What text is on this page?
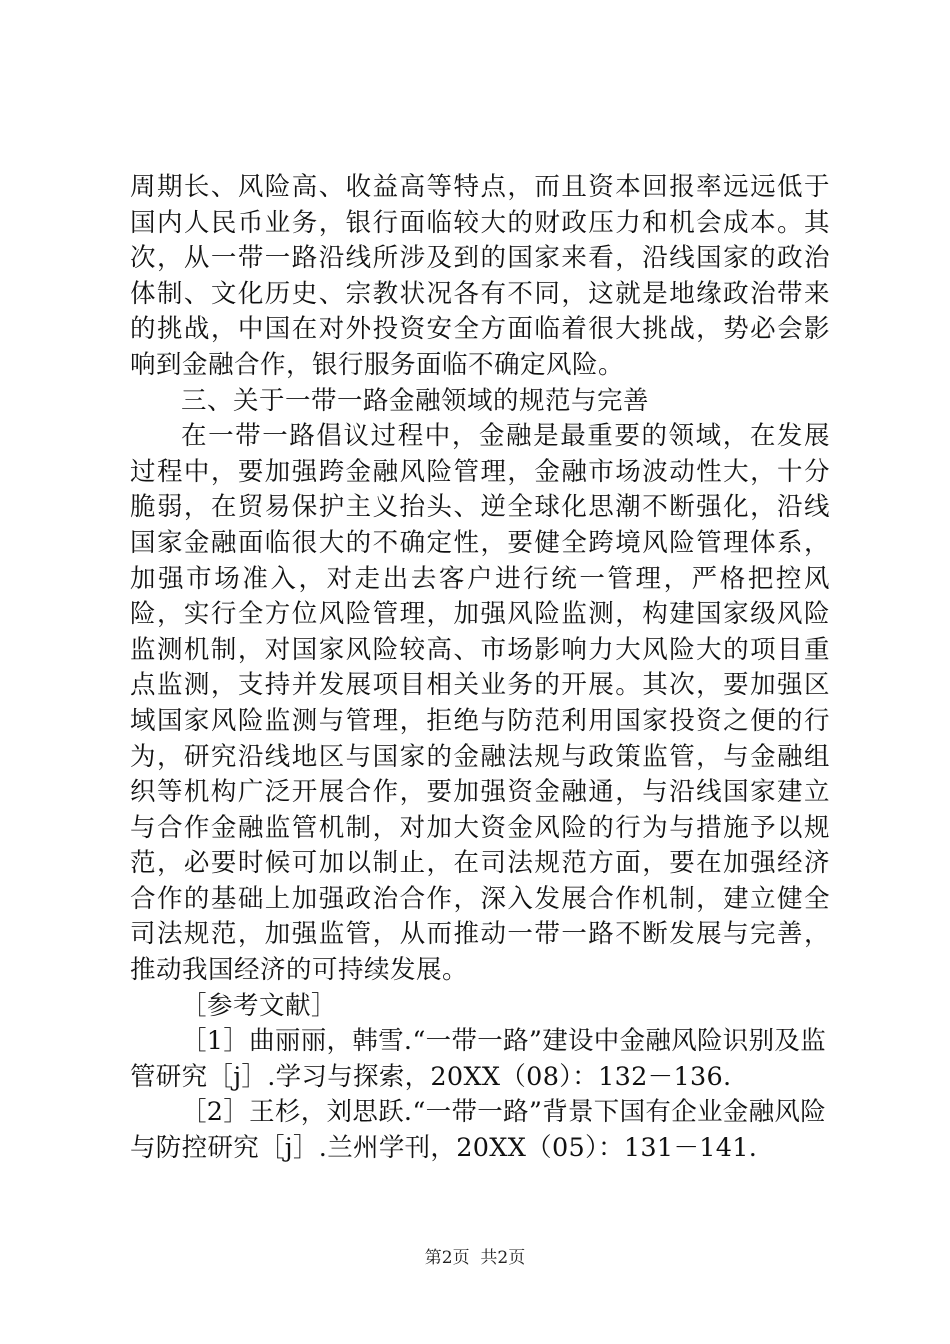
周期长、风险高、收益高等特点，而且资本回报率远远低于国内人民币业务，银行面临较大的财政压力和机会成本。其次，从一带一路沿线所涉及到的国家来看，沿线国家的政治体制、文化历史、宗教状况各有不同，这就是地缘政治带来的挑战，中国在对外投资安全方面临着很大挑战，势必会影响到金融合作，银行服务面临不确定风险。

三、关于一带一路金融领域的规范与完善

在一带一路倡议过程中，金融是最重要的领域，在发展过程中，要加强跨金融风险管理，金融市场波动性大，十分脆弱，在贸易保护主义抬头、逆全球化思潮不断强化，沿线国家金融面临很大的不确定性，要健全跨境风险管理体系，加强市场准入，对走出去客户进行统一管理，严格把控风险，实行全方位风险管理，加强风险监测，构建国家级风险监测机制，对国家风险较高、市场影响力大风险大的项目重点监测，支持并发展项目相关业务的开展。其次，要加强区域国家风险监测与管理，拒绝与防范利用国家投资之便的行为，研究沿线地区与国家的金融法规与政策监管，与金融组织等机构广泛开展合作，要加强资金融通，与沿线国家建立与合作金融监管机制，对加大资金风险的行为与措施予以规范，必要时候可加以制止，在司法规范方面，要在加强经济合作的基础上加强政治合作，深入发展合作机制，建立健全司法规范，加强监管，从而推动一带一路不断发展与完善，推动我国经济的可持续发展。

［参考文献］

［1］曲丽丽，韩雪.“一带一路”建设中金融风险识别及监管研究［j］.学习与探索，20XX（08）：132－136.

［2］王杉，刘思跃.“一带一路”背景下国有企业金融风险与防控研究［j］.兰州学刊，20XX（05）：131－141.

第2页  共2页
